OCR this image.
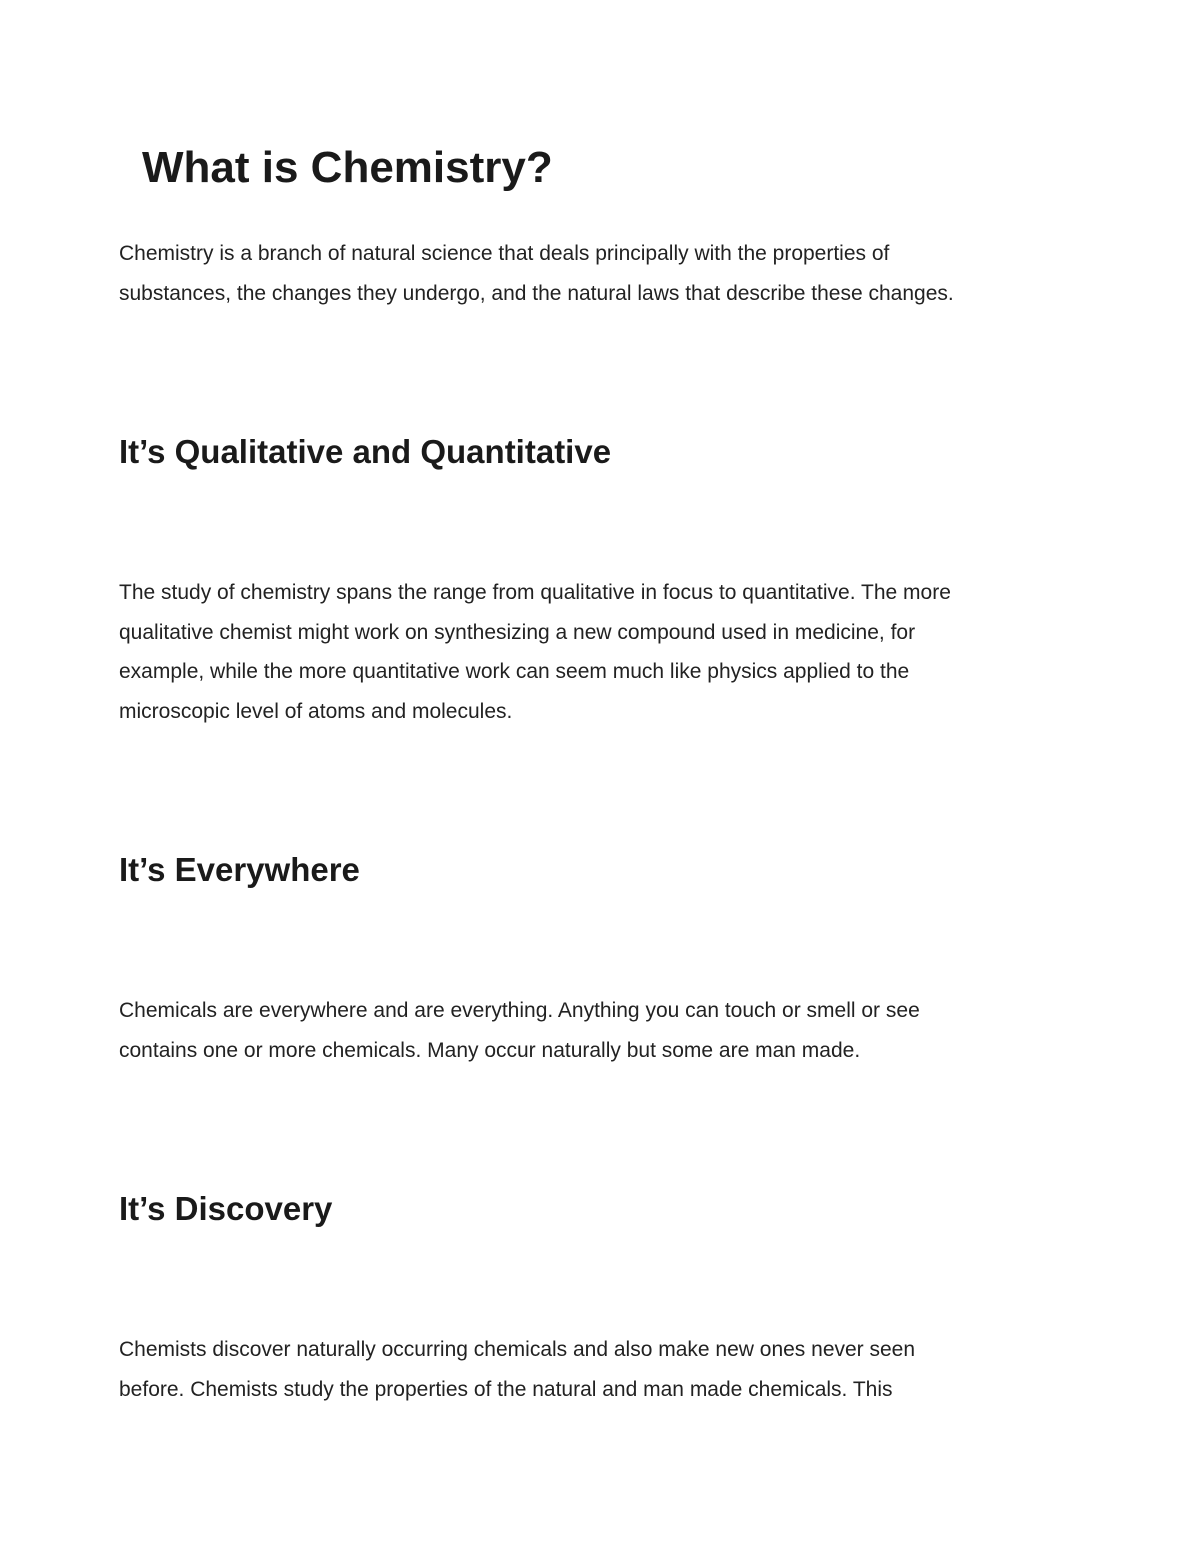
What is Chemistry?

Chemistry is a branch of natural science that deals principally with the properties of
substances, the changes they undergo, and the natural laws that describe these changes.

It’s Qualitative and Quantitative

The study of chemistry spans the range from qualitative in focus to quantitative. The more
qualitative chemist might work on synthesizing a new compound used in medicine, for
example, while the more quantitative work can seem much like physics applied to the
microscopic level of atoms and molecules.

It’s Everywhere

Chemicals are everywhere and are everything. Anything you can touch or smell or see
contains one or more chemicals. Many occur naturally but some are man made.

It’s Discovery

Chemists discover naturally occurring chemicals and also make new ones never seen
before. Chemists study the properties of the natural and man made chemicals. This
